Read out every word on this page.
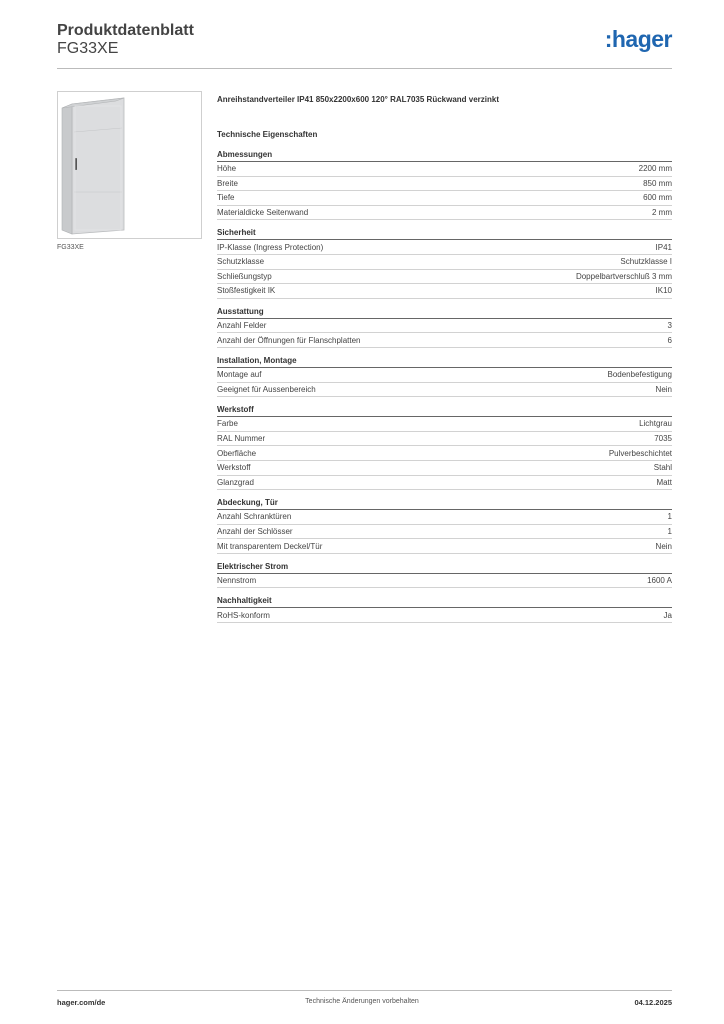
Produktdatenblatt
FG33XE	:hager
FG33XE
Anreihstandverteiler IP41 850x2200x600 120° RAL7035 Rückwand verzinkt
Technische Eigenschaften
Abmessungen
Höhe	2200 mm
Breite	850 mm
Tiefe	600 mm
Materialdicke Seitenwand	2 mm
Sicherheit
IP-Klasse (Ingress Protection)	IP41
Schutzklasse	Schutzklasse I
Schließungstyp	Doppelbartverschluß 3 mm
Stoßfestigkeit IK	IK10
Ausstattung
Anzahl Felder	3
Anzahl der Öffnungen für Flanschplatten	6
Installation, Montage
Montage auf	Bodenbefestigung
Geeignet für Aussenbereich	Nein
Werkstoff
Farbe	Lichtgrau
RAL Nummer	7035
Oberfläche	Pulverbeschichtet
Werkstoff	Stahl
Glanzgrad	Matt
Abdeckung, Tür
Anzahl Schranktüren	1
Anzahl der Schlösser	1
Mit transparentem Deckel/Tür	Nein
Elektrischer Strom
Nennstrom	1600 A
Nachhaltigkeit
RoHS-konform	Ja
hager.com/de	Technische Änderungen vorbehalten	04.12.2025
